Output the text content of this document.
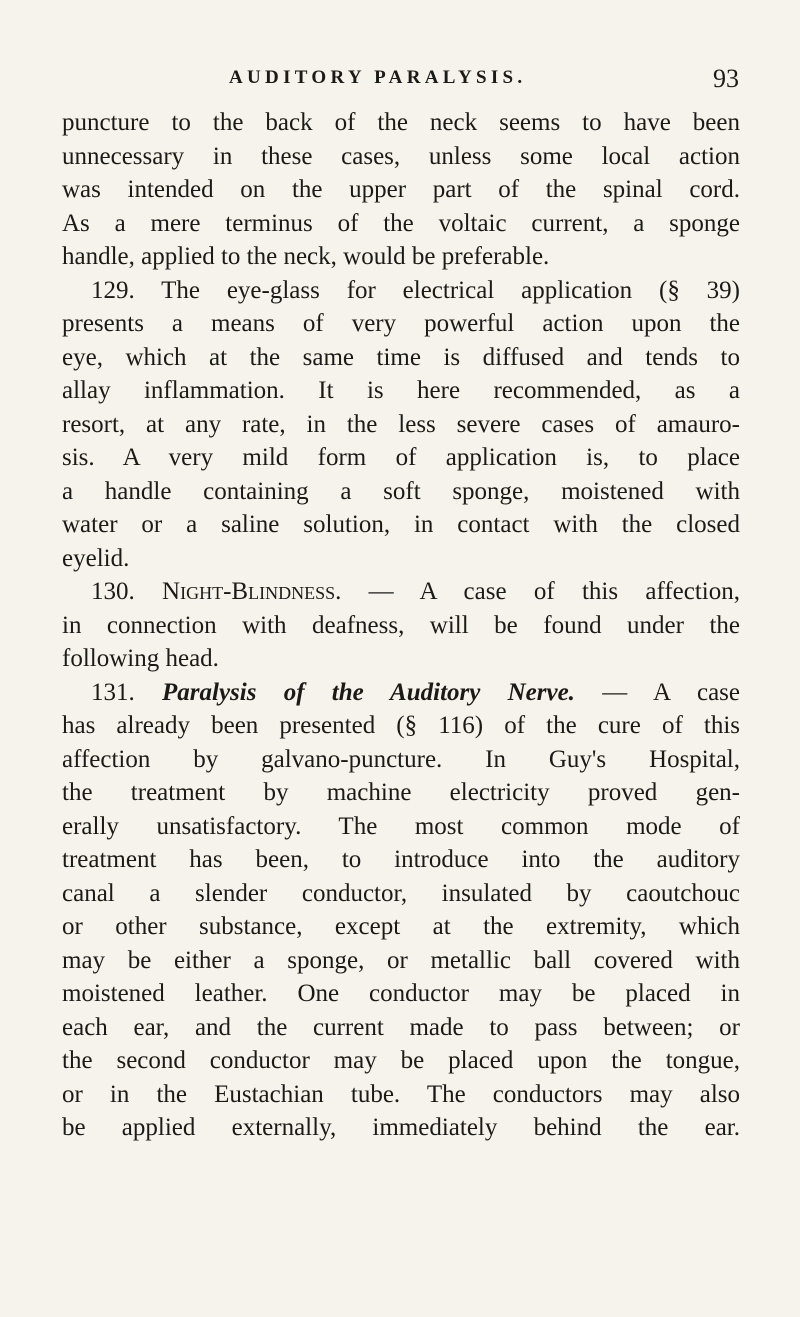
AUDITORY PARALYSIS.	93
puncture to the back of the neck seems to have been
unnecessary in these cases, unless some local action
was intended on the upper part of the spinal cord.
As a mere terminus of the voltaic current, a sponge
handle, applied to the neck, would be preferable.
129. The eye-glass for electrical application (§ 39)
presents a means of very powerful action upon the
eye, which at the same time is diffused and tends to
allay inflammation. It is here recommended, as a
resort, at any rate, in the less severe cases of amauro-
sis. A very mild form of application is, to place
a handle containing a soft sponge, moistened with
water or a saline solution, in contact with the closed
eyelid.
130. Night-Blindness. — A case of this affection,
in connection with deafness, will be found under the
following head.
131. Paralysis of the Auditory Nerve. — A case
has already been presented (§ 116) of the cure of this
affection by galvano-puncture. In Guy's Hospital,
the treatment by machine electricity proved gen-
erally unsatisfactory. The most common mode of
treatment has been, to introduce into the auditory
canal a slender conductor, insulated by caoutchouc
or other substance, except at the extremity, which
may be either a sponge, or metallic ball covered with
moistened leather. One conductor may be placed in
each ear, and the current made to pass between; or
the second conductor may be placed upon the tongue,
or in the Eustachian tube. The conductors may also
be applied externally, immediately behind the ear.
